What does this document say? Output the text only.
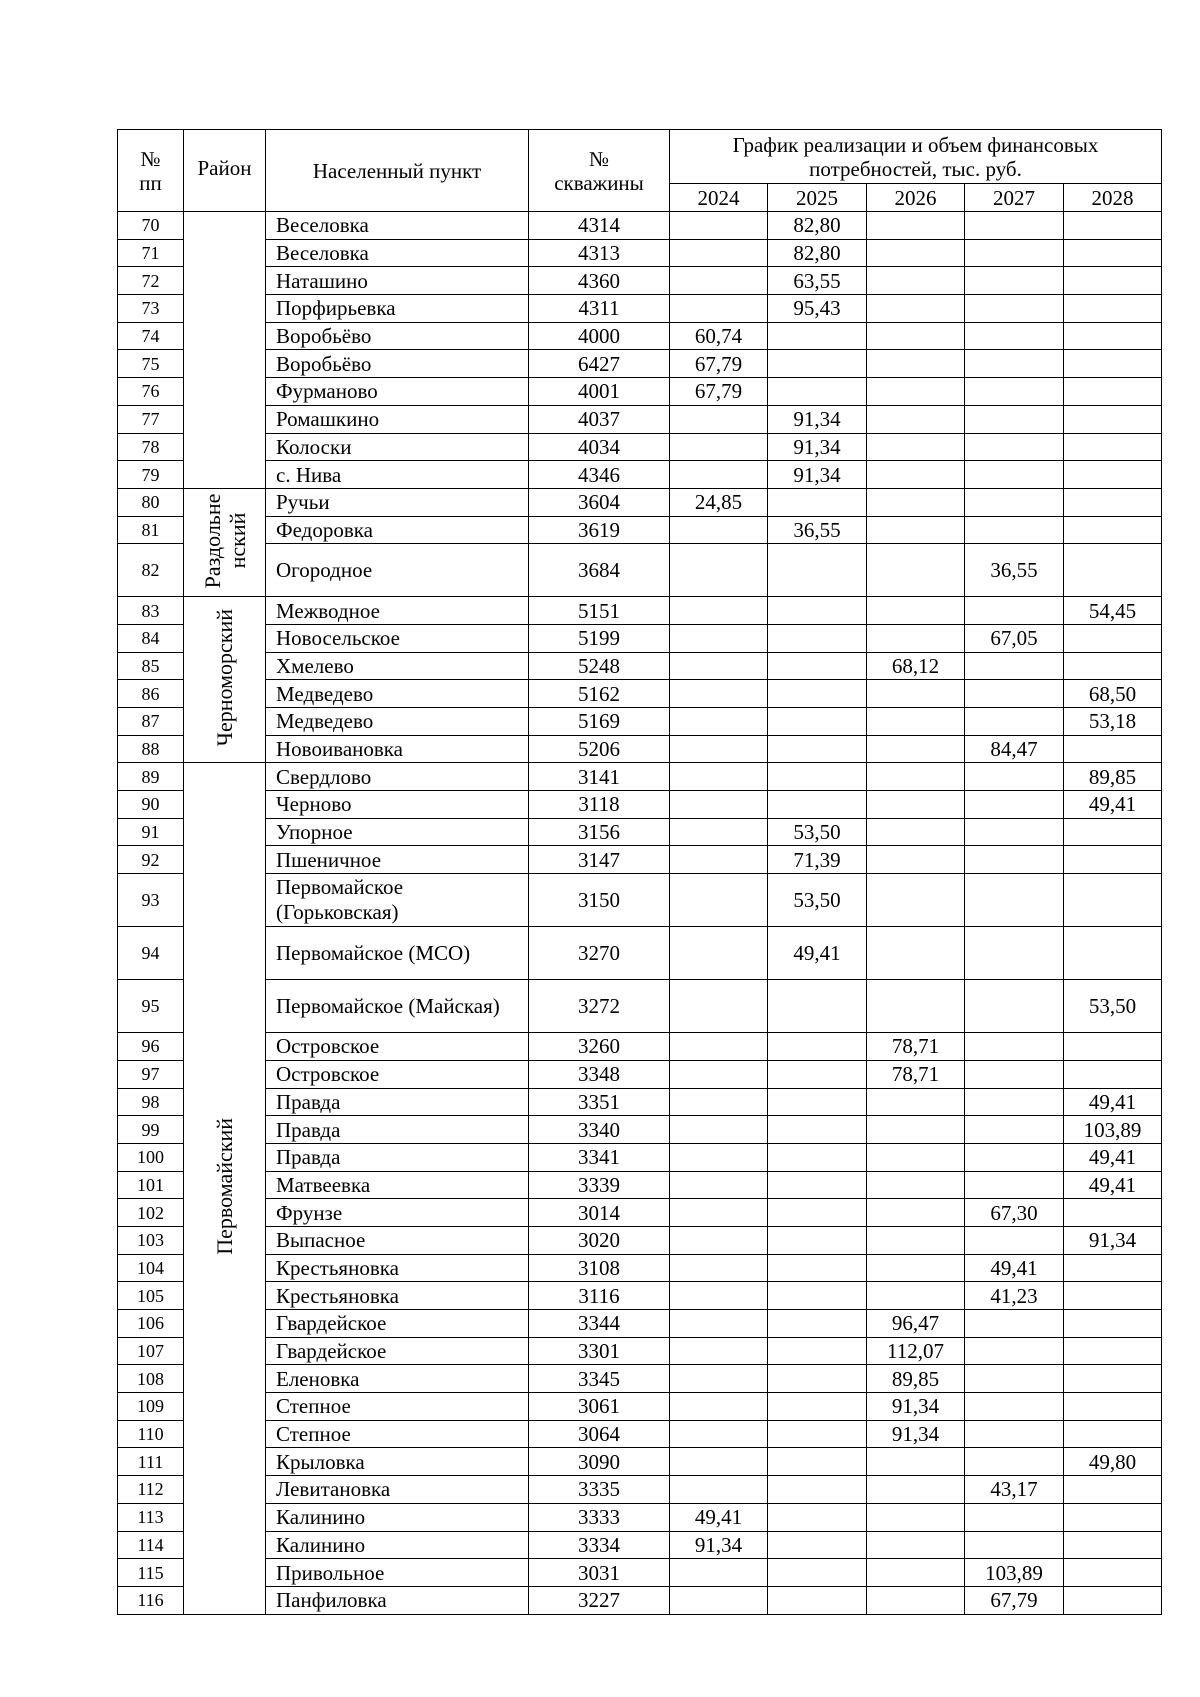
№ пп	Район	Населенный пункт	№ скважины	График реализации и объем финансовых потребностей, тыс. руб.				
				2024	2025	2026	2027	2028
70		Веселовка	4314		82,80			
71		Веселовка	4313		82,80			
72		Наташино	4360		63,55			
73		Порфирьевка	4311		95,43			
74		Воробьёво	4000	60,74				
75		Воробьёво	6427	67,79				
76		Фурманово	4001	67,79				
77		Ромашкино	4037		91,34			
78		Колоски	4034		91,34			
79		с. Нива	4346		91,34			
80	Раздольне нский	Ручьи	3604	24,85				
81		Федоровка	3619		36,55			
82		Огородное	3684				36,55	
83	Черноморский	Межводное	5151					54,45
84		Новосельское	5199				67,05	
85		Хмелево	5248			68,12		
86		Медведево	5162					68,50
87		Медведево	5169					53,18
88		Новоивановка	5206				84,47	
89	Первомайский	Свердлово	3141					89,85
90		Черново	3118					49,41
91		Упорное	3156		53,50			
92		Пшеничное	3147		71,39			
93		Первомайское (Горьковская)	3150		53,50			
94		Первомайское (МСО)	3270		49,41			
95		Первомайское (Майская)	3272					53,50
96		Островское	3260			78,71		
97		Островское	3348			78,71		
98		Правда	3351					49,41
99		Правда	3340					103,89
100		Правда	3341					49,41
101		Матвеевка	3339					49,41
102		Фрунзе	3014				67,30	
103		Выпасное	3020					91,34
104		Крестьяновка	3108				49,41	
105		Крестьяновка	3116				41,23	
106		Гвардейское	3344			96,47		
107		Гвардейское	3301			112,07		
108		Еленовка	3345			89,85		
109		Степное	3061			91,34		
110		Степное	3064			91,34		
111		Крыловка	3090					49,80
112		Левитановка	3335				43,17	
113		Калинино	3333	49,41				
114		Калинино	3334	91,34				
115		Привольное	3031				103,89	
116		Панфиловка	3227				67,79	
